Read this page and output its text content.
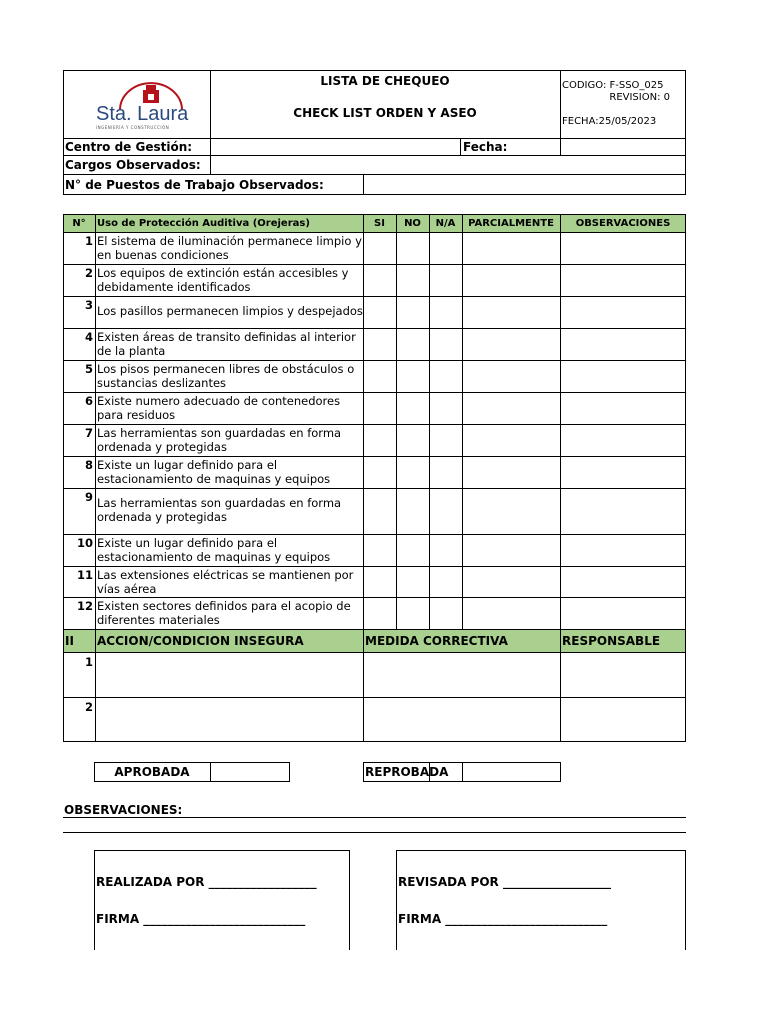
Sta. Laura
INGENIERÍA Y CONSTRUCCIÓN
LISTA DE CHEQUEO
CHECK LIST ORDEN Y ASEO
CODIGO: F-SSO_025
REVISION: 0
FECHA:25/05/2023
Centro de Gestión:	Fecha:
Cargos Observados:
N° de Puestos de Trabajo Observados:
N°	Uso de Protección Auditiva (Orejeras)	SI	NO	N/A	PARCIALMENTE	OBSERVACIONES
1 El sistema de iluminación permanece limpio y en buenas condiciones
2 Los equipos de extinción están accesibles y debidamente identificados
3 Los pasillos permanecen limpios y despejados
4 Existen áreas de transito definidas al interior de la planta
5 Los pisos permanecen libres de obstáculos o sustancias deslizantes
6 Existe numero adecuado de contenedores para residuos
7 Las herramientas son guardadas en forma ordenada y protegidas
8 Existe un lugar definido para el estacionamiento de maquinas y equipos
9 Las herramientas son guardadas en forma ordenada y protegidas
10 Existe un lugar definido para el estacionamiento de maquinas y equipos
11 Las extensiones eléctricas se mantienen por vías aérea
12 Existen sectores definidos para el acopio de diferentes materiales
II ACCION/CONDICION INSEGURA	MEDIDA CORRECTIVA	RESPONSABLE
1
2
APROBADA	REPROBADA
OBSERVACIONES:
REALIZADA POR __________________
FIRMA ___________________________
REVISADA POR __________________
FIRMA ___________________________
